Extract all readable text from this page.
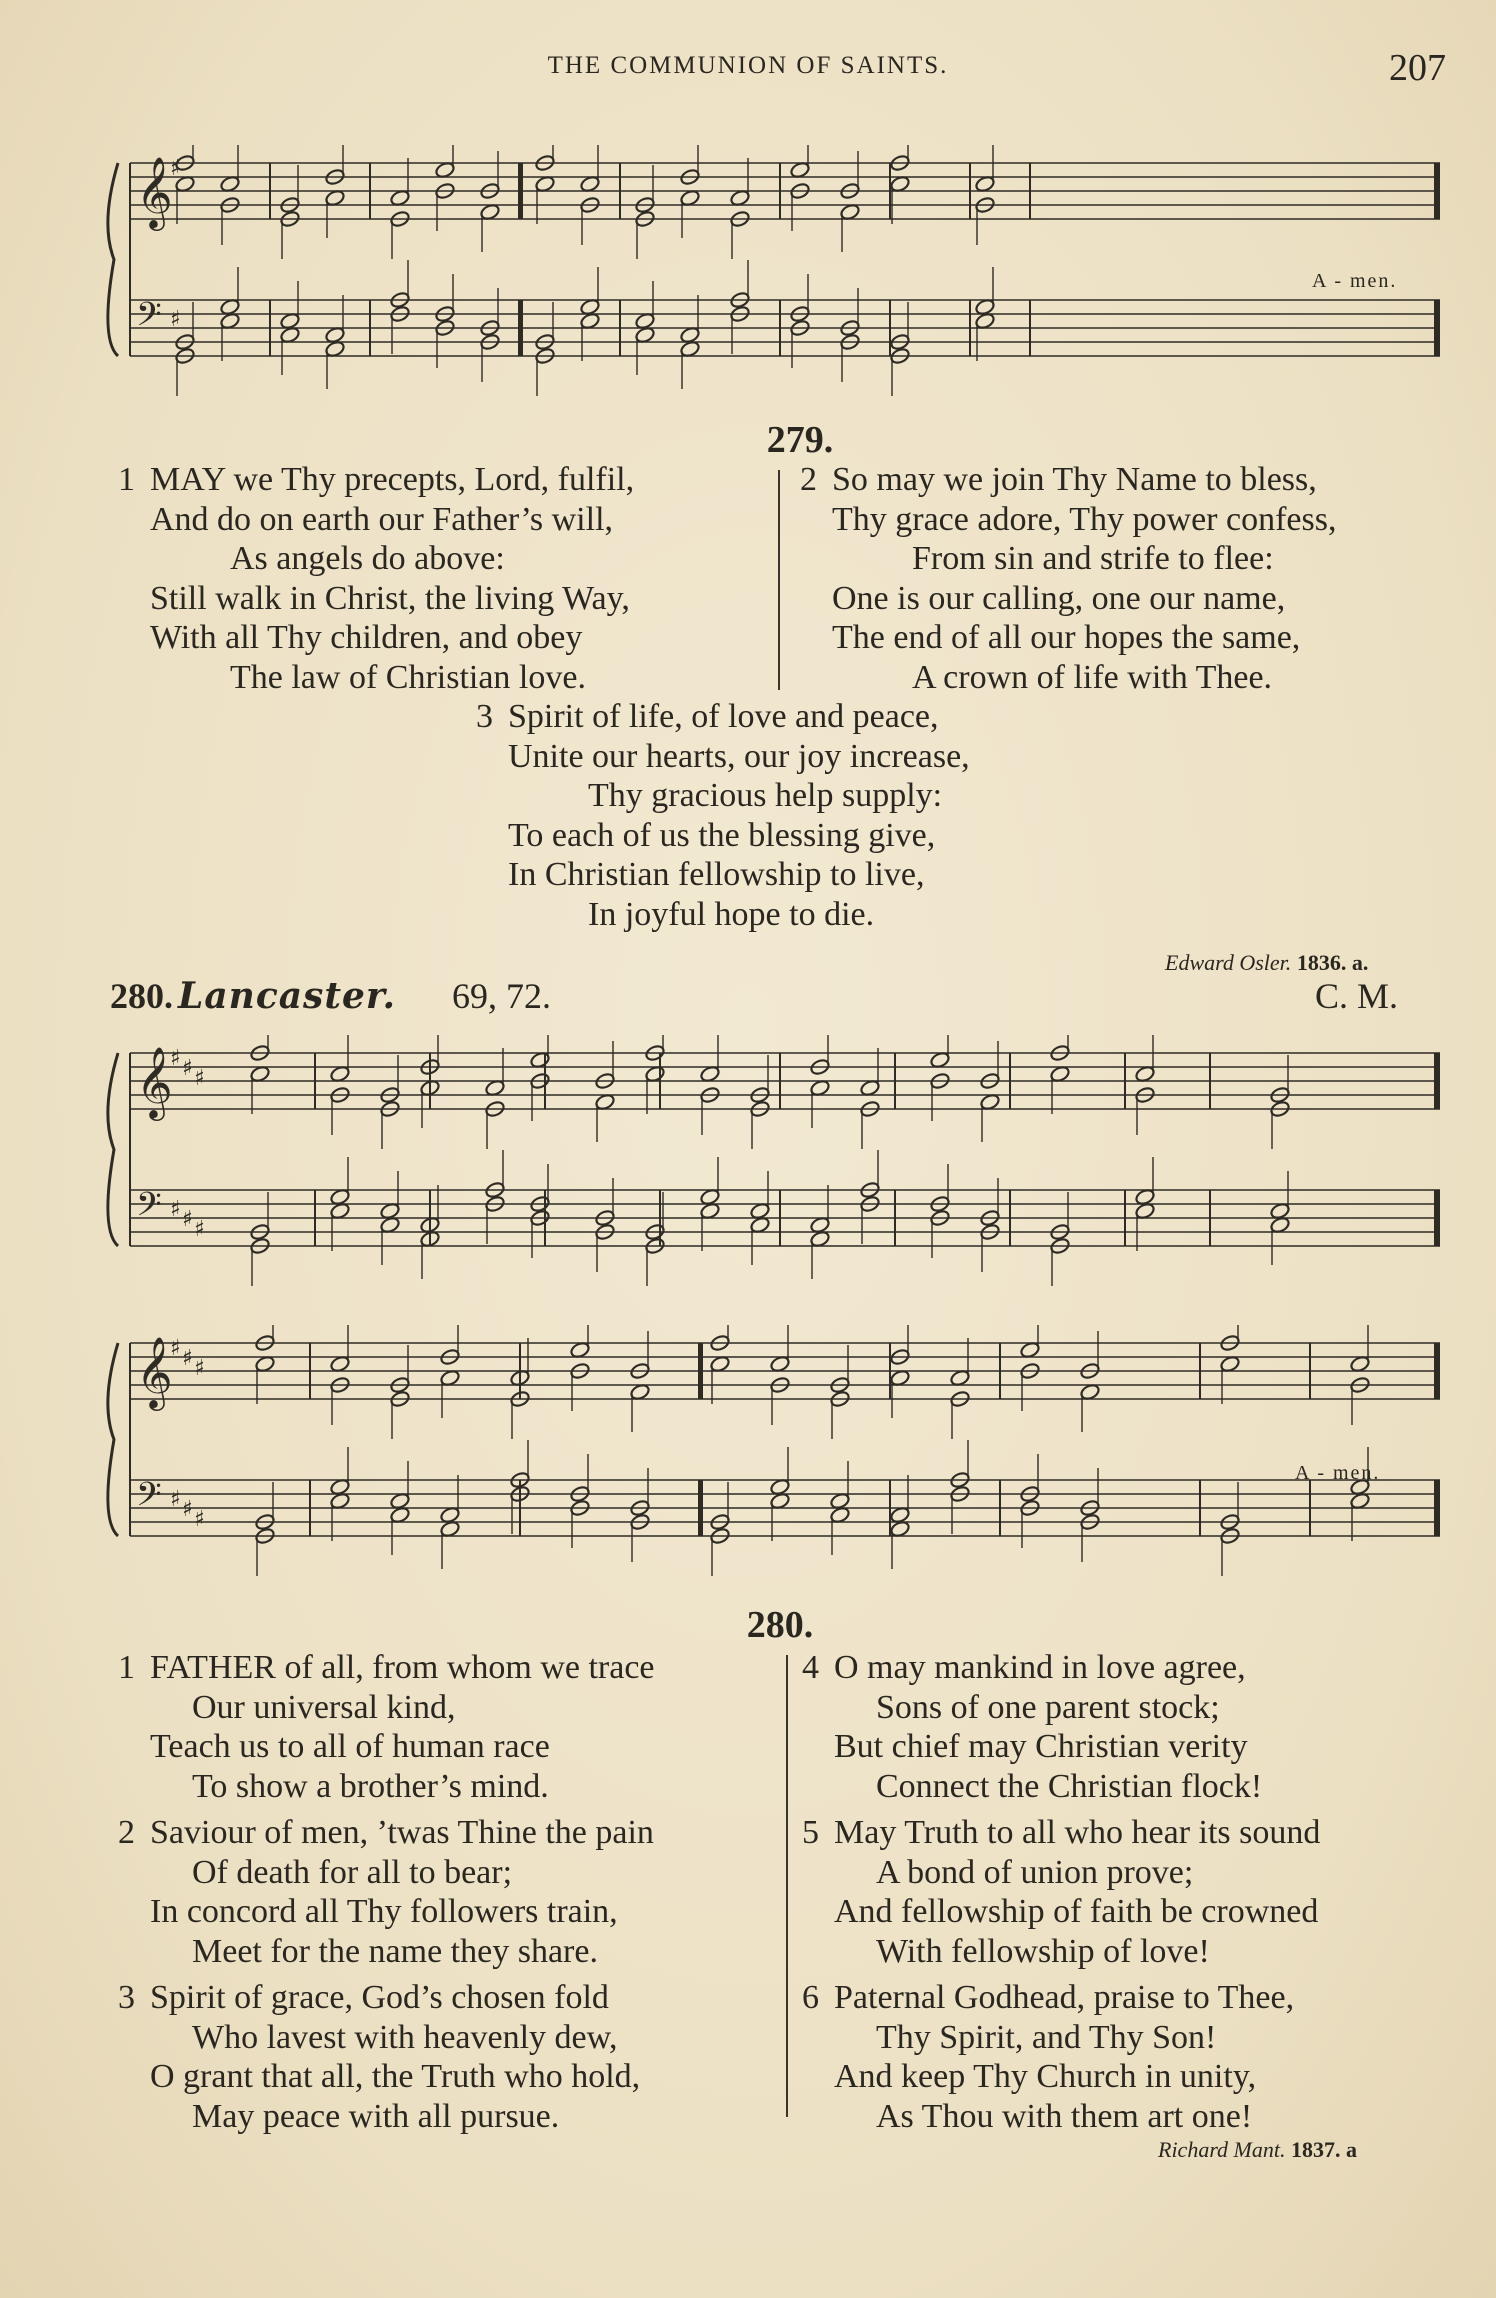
THE COMMUNION OF SAINTS.	207
𝄞
♯
𝄢 ♯
A - men.
279.
1 MAY we Thy precepts, Lord, fulfil,
And do on earth our Father’s will,
As angels do above:
Still walk in Christ, the living Way,
With all Thy children, and obey
The law of Christian love.
2 So may we join Thy Name to bless,
Thy grace adore, Thy power confess,
From sin and strife to flee:
One is our calling, one our name,
The end of all our hopes the same,
A crown of life with Thee.
3 Spirit of life, of love and peace,
Unite our hearts, our joy increase,
Thy gracious help supply:
To each of us the blessing give,
In Christian fellowship to live,
In joyful hope to die.
Edward Osler. 1836. a.
280. Lancaster. 69, 72.	C. M.
𝄞
♯ ♯ ♯
𝄢 ♯ ♯ ♯
𝄞
♯ ♯ ♯
𝄢 ♯ ♯ ♯
A - men.
280.
1 FATHER of all, from whom we trace
Our universal kind,
Teach us to all of human race
To show a brother’s mind.
2 Saviour of men, ’twas Thine the pain
Of death for all to bear;
In concord all Thy followers train,
Meet for the name they share.
3 Spirit of grace, God’s chosen fold
Who lavest with heavenly dew,
O grant that all, the Truth who hold,
May peace with all pursue.
4 O may mankind in love agree,
Sons of one parent stock;
But chief may Christian verity
Connect the Christian flock!
5 May Truth to all who hear its sound
A bond of union prove;
And fellowship of faith be crowned
With fellowship of love!
6 Paternal Godhead, praise to Thee,
Thy Spirit, and Thy Son!
And keep Thy Church in unity,
As Thou with them art one!
Richard Mant. 1837. a
